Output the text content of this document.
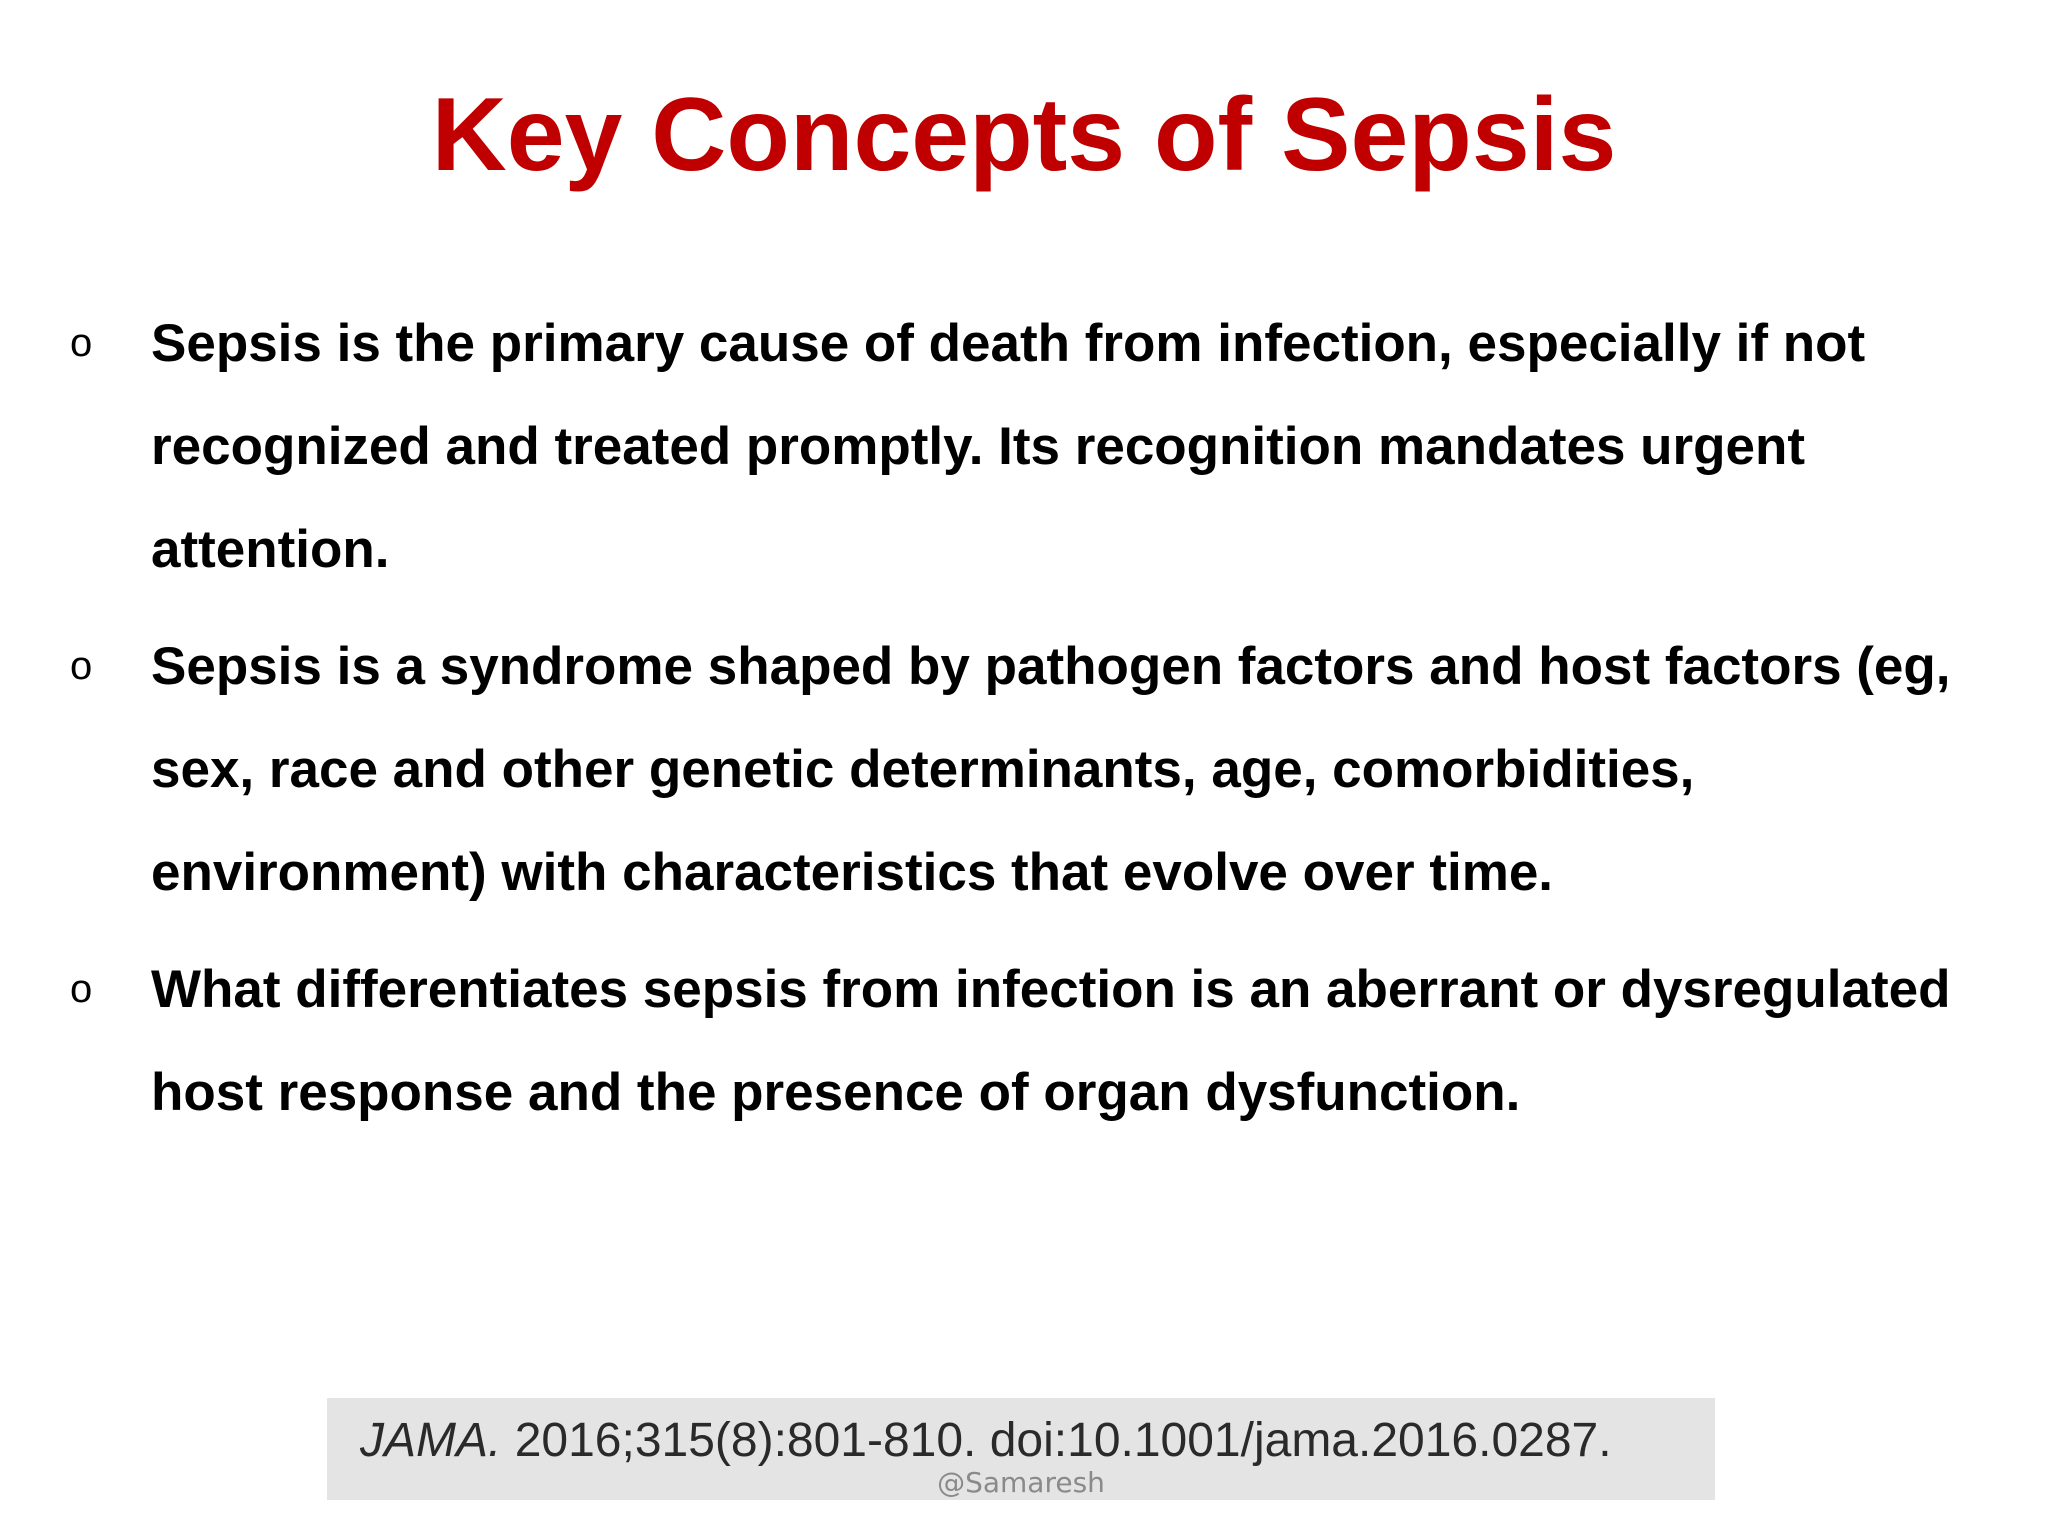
Key Concepts of Sepsis
o Sepsis is the primary cause of death from infection, especially if not recognized and treated promptly. Its recognition mandates urgent attention.
o Sepsis is a syndrome shaped by pathogen factors and host factors (eg, sex, race and other genetic determinants, age, comorbidities, environment) with characteristics that evolve over time.
o What differentiates sepsis from infection is an aberrant or dysregulated host response and the presence of organ dysfunction.
JAMA. 2016;315(8):801-810. doi:10.1001/jama.2016.0287.
@Samaresh
